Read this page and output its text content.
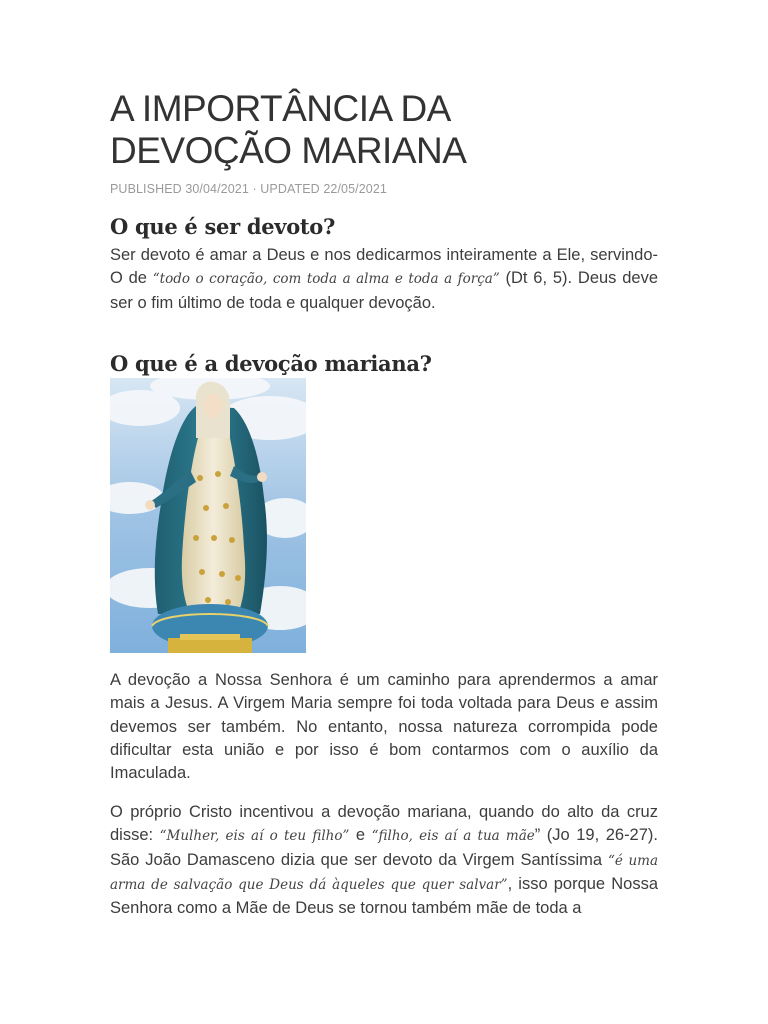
A IMPORTÂNCIA DA
DEVOÇÃO MARIANA
PUBLISHED 30/04/2021 · UPDATED 22/05/2021
O que é ser devoto?

Ser devoto é amar a Deus e nos dedicarmos inteiramente a Ele, servindo-O de “todo o coração, com toda a alma e toda a força” (Dt 6, 5). Deus deve ser o fim último de toda e qualquer devoção.

O que é a devoção mariana?

A devoção a Nossa Senhora é um caminho para aprendermos a amar mais a Jesus. A Virgem Maria sempre foi toda voltada para Deus e assim devemos ser também. No entanto, nossa natureza corrompida pode dificultar esta união e por isso é bom contarmos com o auxílio da Imaculada.

O próprio Cristo incentivou a devoção mariana, quando do alto da cruz disse: “Mulher, eis aí o teu filho” e “filho, eis aí a tua mãe” (Jo 19, 26-27). São João Damasceno dizia que ser devoto da Virgem Santíssima “é uma arma de salvação que Deus dá àqueles que quer salvar”, isso porque Nossa Senhora como a Mãe de Deus se tornou também mãe de toda a
